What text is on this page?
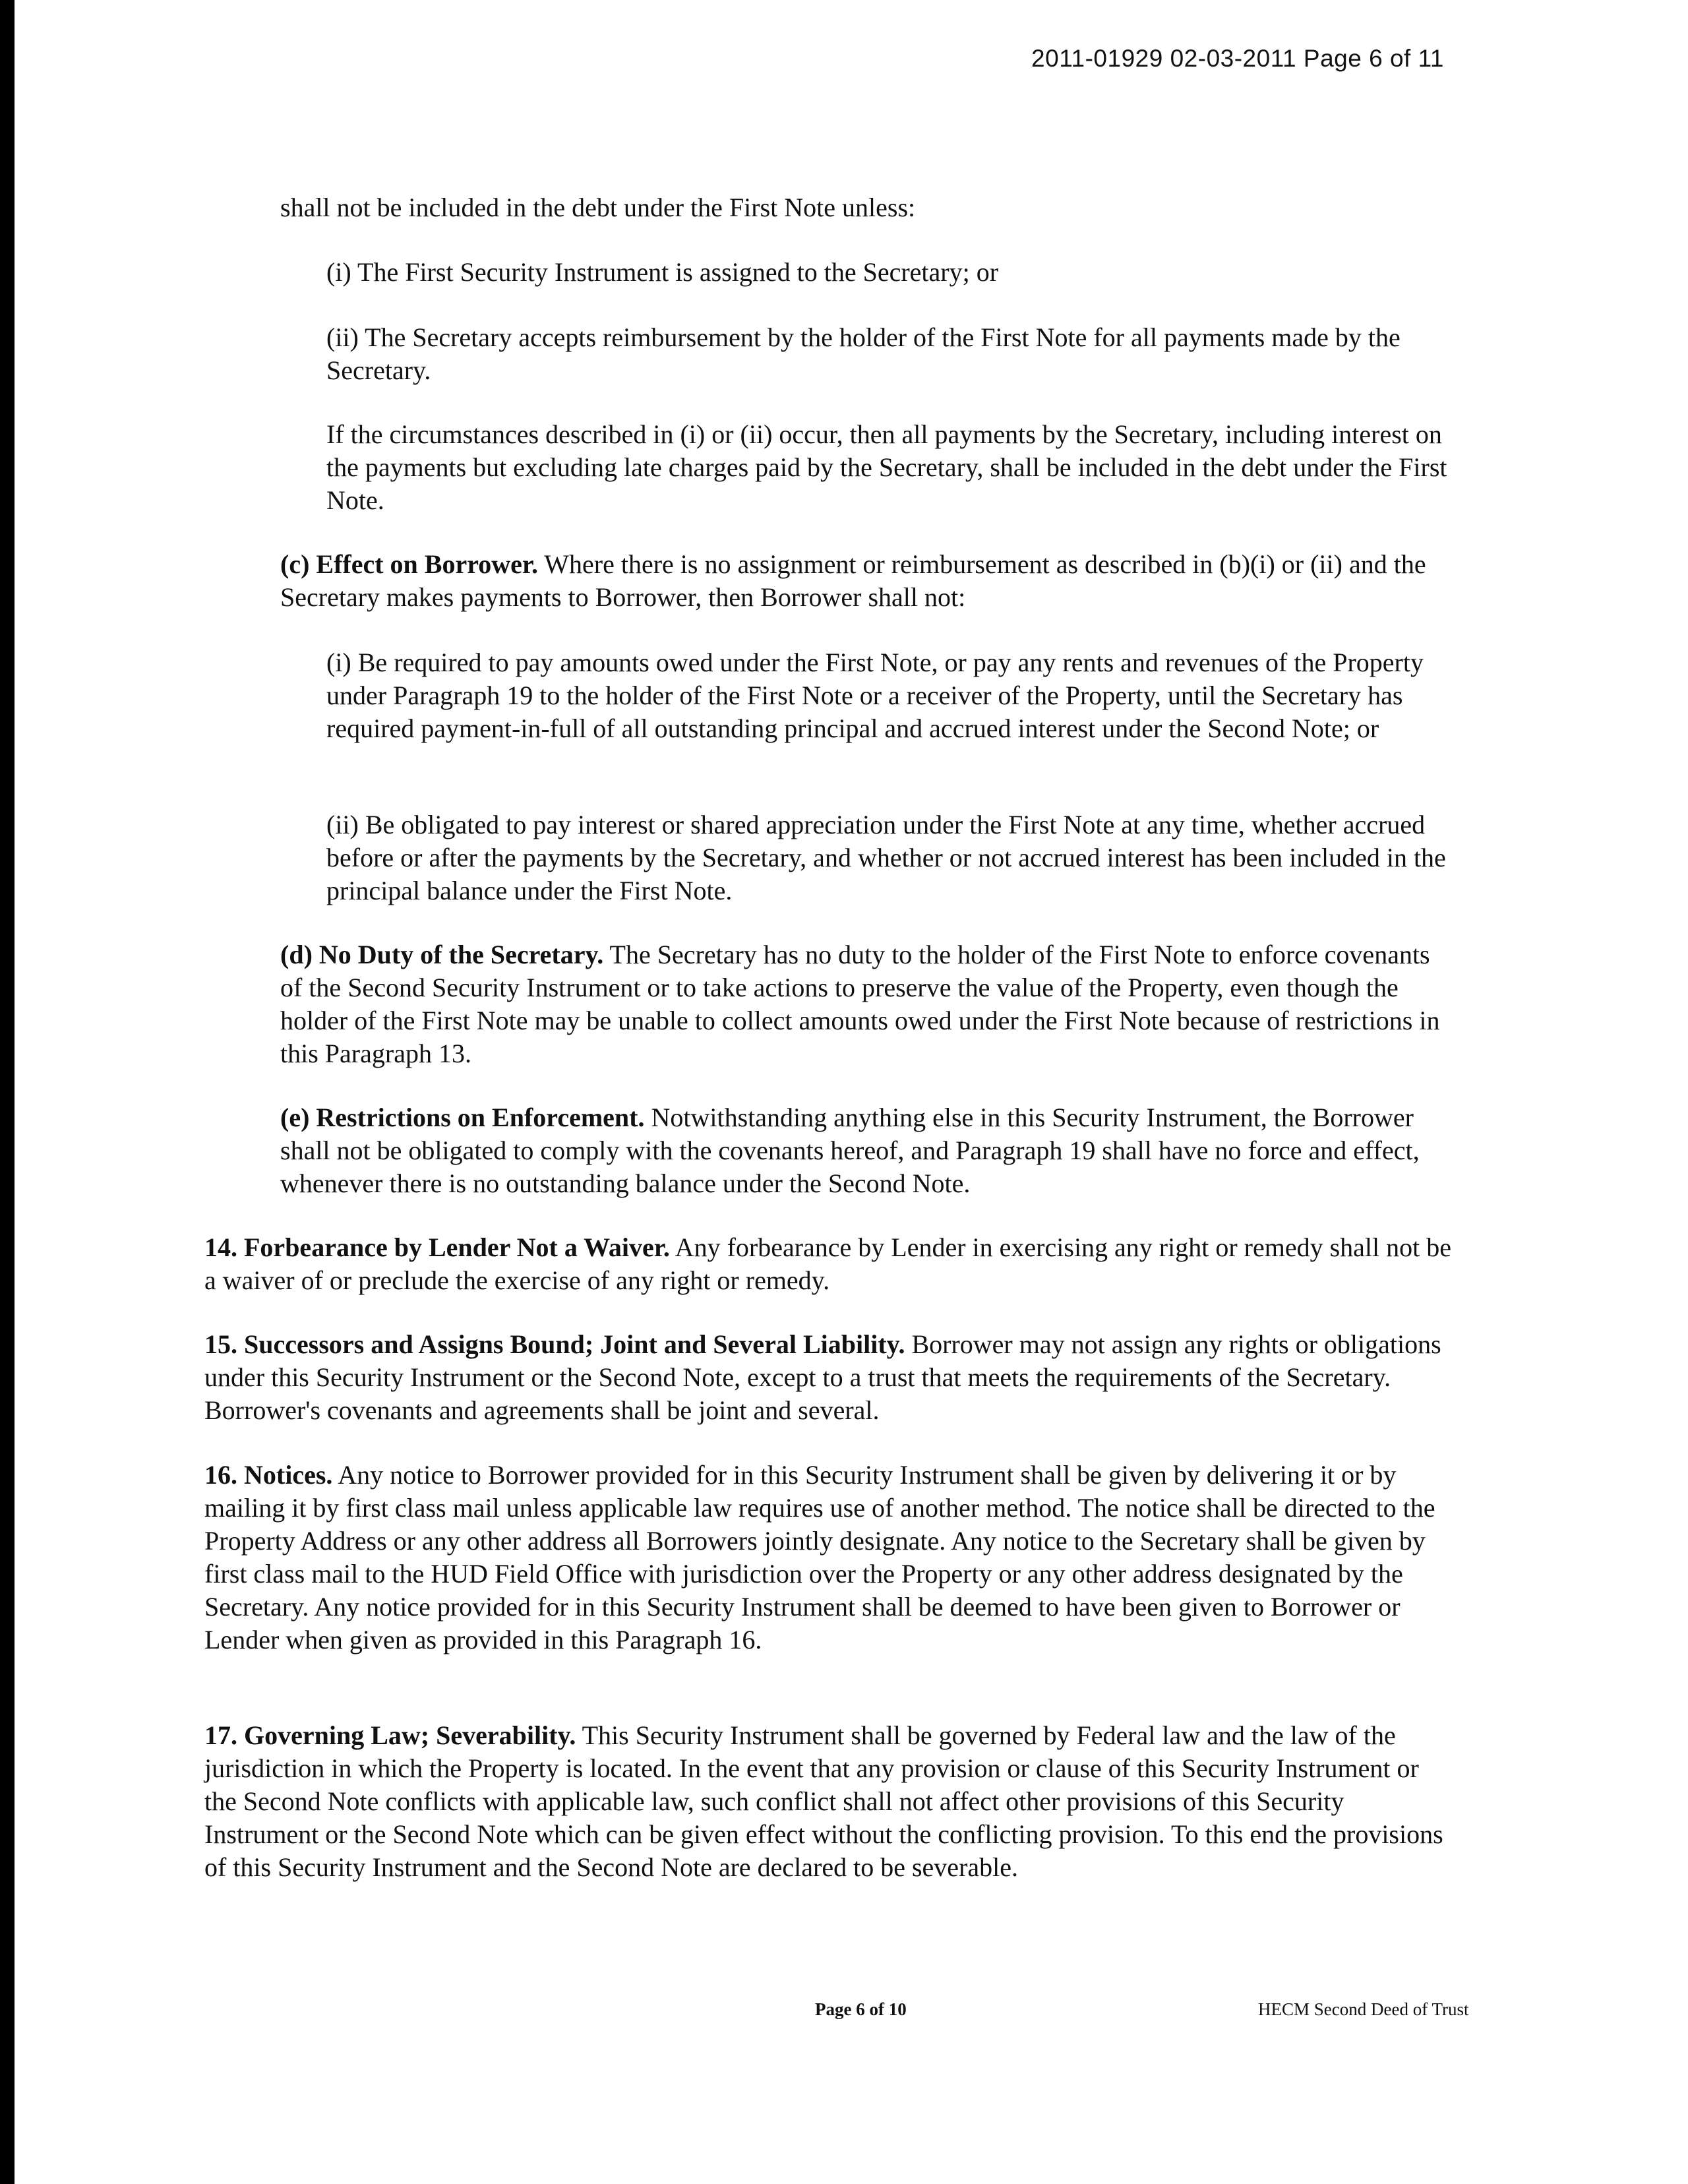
2011-01929 02-03-2011 Page 6 of 11

shall not be included in the debt under the First Note unless:

(i) The First Security Instrument is assigned to the Secretary; or

(ii) The Secretary accepts reimbursement by the holder of the First Note for all payments made by the Secretary.

If the circumstances described in (i) or (ii) occur, then all payments by the Secretary, including interest on the payments but excluding late charges paid by the Secretary, shall be included in the debt under the First Note.

(c) Effect on Borrower. Where there is no assignment or reimbursement as described in (b)(i) or (ii) and the Secretary makes payments to Borrower, then Borrower shall not:

(i) Be required to pay amounts owed under the First Note, or pay any rents and revenues of the Property under Paragraph 19 to the holder of the First Note or a receiver of the Property, until the Secretary has required payment-in-full of all outstanding principal and accrued interest under the Second Note; or

(ii) Be obligated to pay interest or shared appreciation under the First Note at any time, whether accrued before or after the payments by the Secretary, and whether or not accrued interest has been included in the principal balance under the First Note.

(d) No Duty of the Secretary. The Secretary has no duty to the holder of the First Note to enforce covenants of the Second Security Instrument or to take actions to preserve the value of the Property, even though the holder of the First Note may be unable to collect amounts owed under the First Note because of restrictions in this Paragraph 13.

(e) Restrictions on Enforcement. Notwithstanding anything else in this Security Instrument, the Borrower shall not be obligated to comply with the covenants hereof, and Paragraph 19 shall have no force and effect, whenever there is no outstanding balance under the Second Note.

14. Forbearance by Lender Not a Waiver. Any forbearance by Lender in exercising any right or remedy shall not be a waiver of or preclude the exercise of any right or remedy.

15. Successors and Assigns Bound; Joint and Several Liability. Borrower may not assign any rights or obligations under this Security Instrument or the Second Note, except to a trust that meets the requirements of the Secretary. Borrower's covenants and agreements shall be joint and several.

16. Notices. Any notice to Borrower provided for in this Security Instrument shall be given by delivering it or by mailing it by first class mail unless applicable law requires use of another method. The notice shall be directed to the Property Address or any other address all Borrowers jointly designate. Any notice to the Secretary shall be given by first class mail to the HUD Field Office with jurisdiction over the Property or any other address designated by the Secretary. Any notice provided for in this Security Instrument shall be deemed to have been given to Borrower or Lender when given as provided in this Paragraph 16.

17. Governing Law; Severability. This Security Instrument shall be governed by Federal law and the law of the jurisdiction in which the Property is located. In the event that any provision or clause of this Security Instrument or the Second Note conflicts with applicable law, such conflict shall not affect other provisions of this Security Instrument or the Second Note which can be given effect without the conflicting provision. To this end the provisions of this Security Instrument and the Second Note are declared to be severable.

Page 6 of 10	HECM Second Deed of Trust
